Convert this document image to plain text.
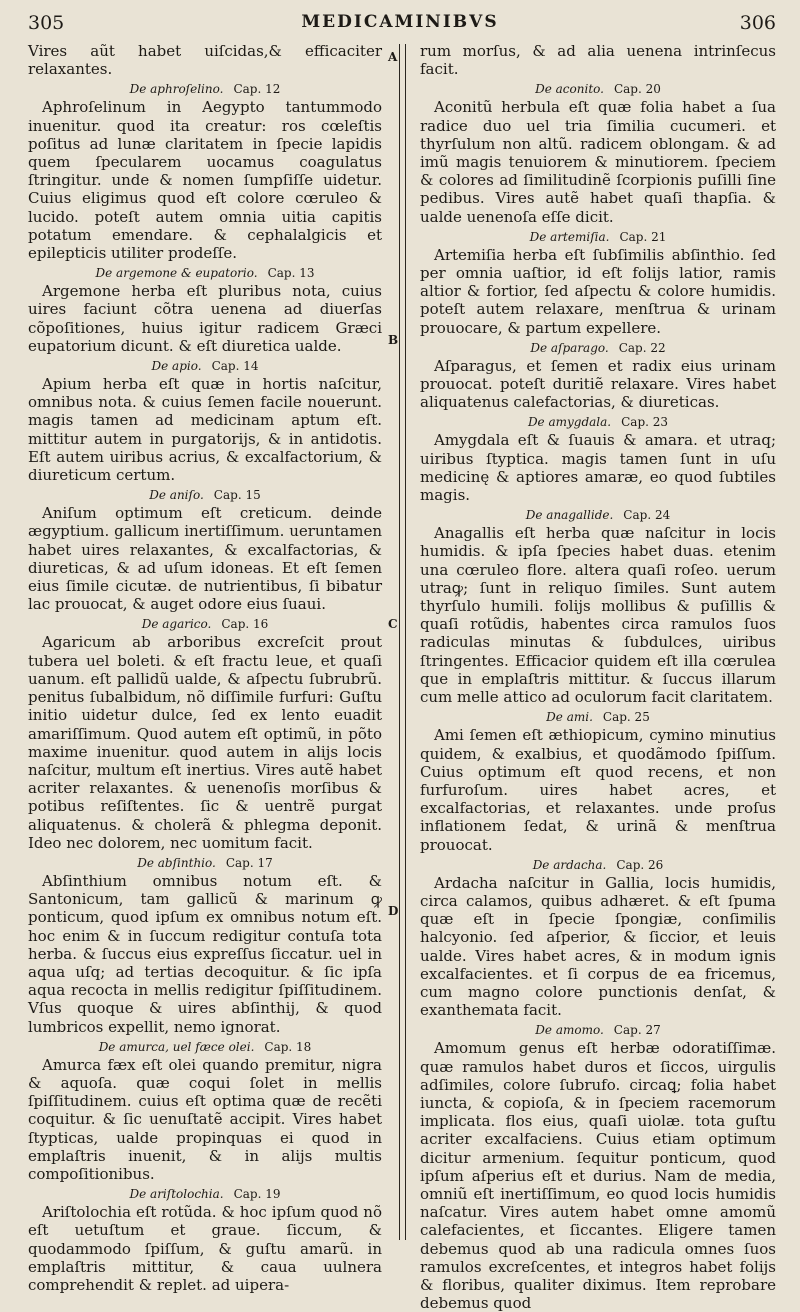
305	MEDICAMINIBVS	306
A
B
C
D

Vires aũt habet uiſcidas,& efficaciter relaxantes.

De aphroſelino. Cap. 12

Aphroſelinum in Aegypto tantummodo inuenitur. quod ita creatur: ros cœleſtis poſitus ad lunæ claritatem in ſpecie lapidis quem ſpecularem uocamus coagulatus ſtringitur. unde & nomen ſumpſiſſe uidetur. Cuius eligimus quod eſt colore cœruleo & lucido. poteſt autem omnia uitia capitis potatum emendare. & cephalalgicis et epilepticis utiliter prodeſſe.

De argemone & eupatorio. Cap. 13

Argemone herba eſt pluribus nota, cuius uires faciunt cõtra uenena ad diuerſas cõpoſitiones, huius igitur radicem Græci eupatorium dicunt. & eſt diuretica ualde.

De apio. Cap. 14

Apium herba eſt quæ in hortis naſcitur, omnibus nota. & cuius ſemen facile nouerunt. magis tamen ad medicinam aptum eſt. mittitur autem in purgatorijs, & in antidotis. Eſt autem uiribus acrius, & excalfactorium, & diureticum certum.

De aniſo. Cap. 15

Aniſum optimum eſt creticum. deinde ægyptium. gallicum inertiſſimum. ueruntamen habet uires relaxantes, & excalfactorias, & diureticas, & ad uſum idoneas. Et eſt ſemen eius ſimile cicutæ. de nutrientibus, ſi bibatur lac prouocat, & auget odore eius ſuaui.

De agarico. Cap. 16

Agaricum ab arboribus excreſcit prout tubera uel boleti. & eſt fractu leue, et quaſi uanum. eſt pallidũ ualde, & aſpectu ſubrubrũ. penitus ſubalbidum, nõ diſſimile furfuri: Guſtu initio uidetur dulce, ſed ex lento euadit amariſſimum. Quod autem eſt optimũ, in põto maxime inuenitur. quod autem in alijs locis naſcitur, multum eſt inertius. Vires autẽ habet acriter relaxantes. & uenenoſis morſibus & potibus reſiſtentes. ſic & uentrẽ purgat aliquatenus. & cholerã & phlegma deponit. Ideo nec dolorem, nec uomitum facit.

De abſinthio. Cap. 17

Abſinthium omnibus notum eſt. & Santonicum, tam gallicũ & marinum ꝙ ponticum, quod ipſum ex omnibus notum eſt. hoc enim & in ſuccum redigitur contuſa tota herba. & ſuccus eius expreſſus ſiccatur. uel in aqua uſq; ad tertias decoquitur. & ſic ipſa aqua recocta in mellis redigitur ſpiſſitudinem. Vſus quoque & uires abſinthij, & quod lumbricos expellit, nemo ignorat.

De amurca, uel fæce olei. Cap. 18

Amurca fæx eſt olei quando premitur, nigra & aquoſa. quæ coqui ſolet in mellis ſpiſſitudinem. cuius eſt optima quæ de recẽti coquitur. & ſic uenuſtatẽ accipit. Vires habet ſtypticas, ualde propinquas ei quod in emplaſtris inuenit, & in alijs multis compoſitionibus.

De ariſtolochia. Cap. 19

Ariſtolochia eſt rotũda. & hoc ipſum quod nõ eſt uetuſtum et graue. ſiccum, & quodammodo ſpiſſum, & guſtu amarũ. in emplaſtris mittitur, & caua uulnera comprehendit & replet. ad uipera-

rum morſus, & ad alia uenena intrinſecus facit.

De aconito. Cap. 20

Aconitũ herbula eſt quæ folia habet a ſua radice duo uel tria ſimilia cucumeri. et thyrſulum non altũ. radicem oblongam. & ad imũ magis tenuiorem & minutiorem. ſpeciem & colores ad ſimilitudinẽ ſcorpionis puſilli ſine pedibus. Vires autẽ habet quaſi thapſia. & ualde uenenoſa eſſe dicit.

De artemiſia. Cap. 21

Artemiſia herba eſt ſubſimilis abſinthio. ſed per omnia uaſtior, id eſt folijs latior, ramis altior & fortior, ſed aſpectu & colore humidis. poteſt autem relaxare, menſtrua & urinam prouocare, & partum expellere.

De aſparago. Cap. 22

Aſparagus, et ſemen et radix eius urinam prouocat. poteſt duritiẽ relaxare. Vires habet aliquatenus calefactorias, & diureticas.

De amygdala. Cap. 23

Amygdala eſt & ſuauis & amara. et utraq; uiribus ſtyptica. magis tamen ſunt in uſu medicinę & aptiores amaræ, eo quod ſubtiles magis.

De anagallide. Cap. 24

Anagallis eſt herba quæ naſcitur in locis humidis. & ipſa ſpecies habet duas. etenim una cœruleo flore. altera quaſi roſeo. uerum utraꝙ; ſunt in reliquo ſimiles. Sunt autem thyrſulo humili. folijs mollibus & puſillis & quaſi rotũdis, habentes circa ramulos ſuos radiculas minutas & ſubdulces, uiribus ſtringentes. Efficacior quidem eſt illa cœrulea que in emplaſtris mittitur. & ſuccus illarum cum melle attico ad oculorum facit claritatem.

De ami. Cap. 25

Ami ſemen eſt æthiopicum, cymino minutius quidem, & exalbius, et quodãmodo ſpiſſum. Cuius optimum eſt quod recens, et non furfuroſum. uires habet acres, et excalfactorias, et relaxantes. unde proſus inflationem ſedat, & urinã & menſtrua prouocat.

De ardacha. Cap. 26

Ardacha naſcitur in Gallia, locis humidis, circa calamos, quibus adhæret. & eſt ſpuma quæ eſt in ſpecie ſpongiæ, conſimilis halcyonio. ſed aſperior, & ſiccior, et leuis ualde. Vires habet acres, & in modum ignis excalfacientes. et ſi corpus de ea fricemus, cum magno colore punctionis denſat, & exanthemata facit.

De amomo. Cap. 27

Amomum genus eſt herbæ odoratiſſimæ. quæ ramulos habet duros et ſiccos, uirgulis adſimiles, colore ſubrufo. circaꝗ; folia habet iuncta, & copioſa, & in ſpeciem racemorum implicata. flos eius, quaſi uiolæ. tota guſtu acriter excalfaciens. Cuius etiam optimum dicitur armenium. ſequitur ponticum, quod ipſum aſperius eſt et durius. Nam de media, omniũ eſt inertiſſimum, eo quod locis humidis naſcatur. Vires autem habet omne amomũ calefacientes, et ſiccantes. Eligere tamen debemus quod ab una radicula omnes ſuos ramulos excreſcentes, et integros habet folijs & floribus, qualiter diximus. Item reprobare debemus quod
